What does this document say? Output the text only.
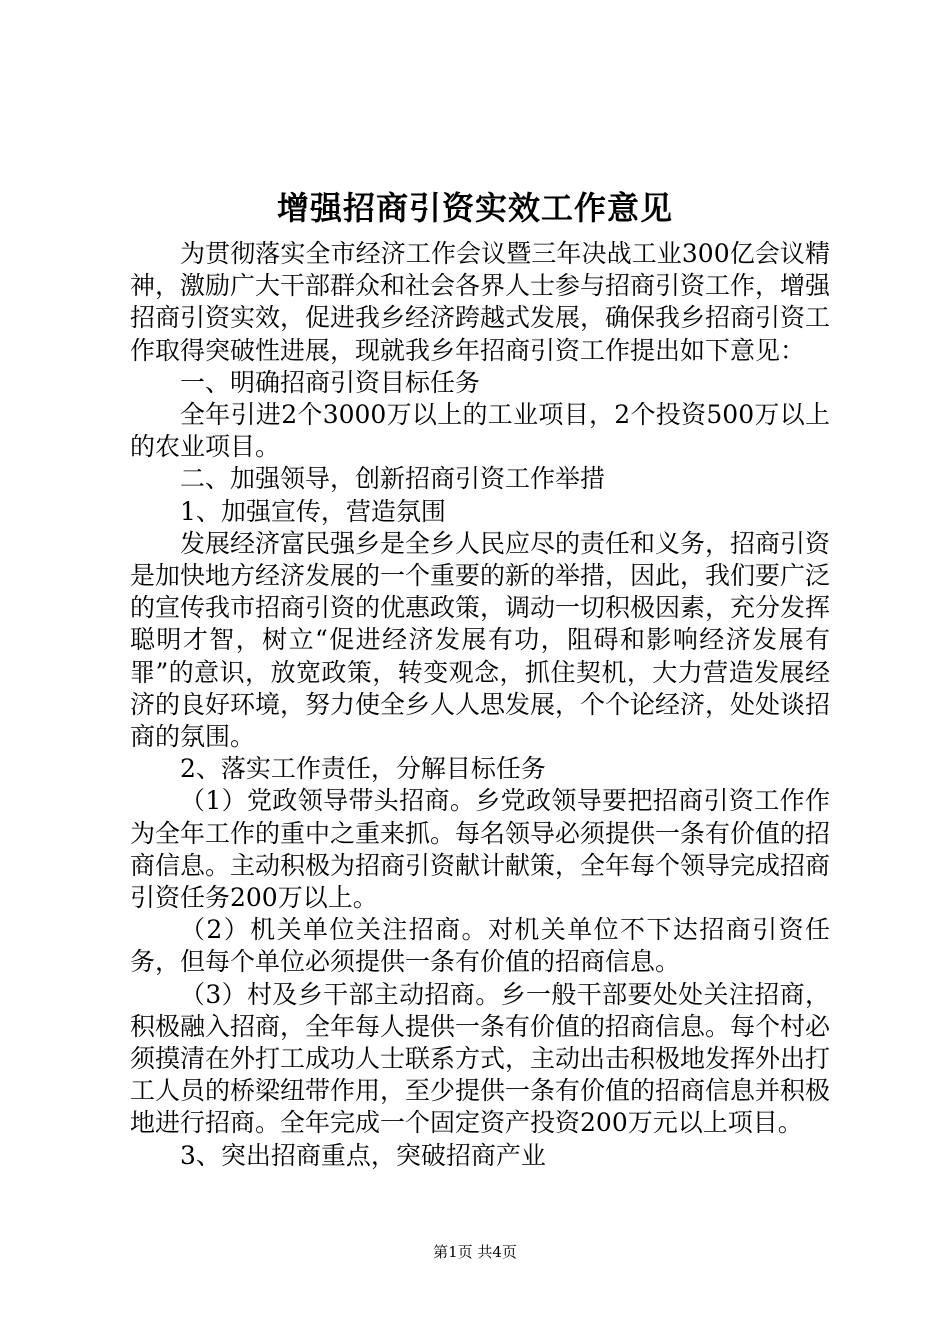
增强招商引资实效工作意见

为贯彻落实全市经济工作会议暨三年决战工业300亿会议精神，激励广大干部群众和社会各界人士参与招商引资工作，增强招商引资实效，促进我乡经济跨越式发展，确保我乡招商引资工作取得突破性进展，现就我乡年招商引资工作提出如下意见：

一、明确招商引资目标任务

全年引进2个3000万以上的工业项目，2个投资500万以上的农业项目。

二、加强领导，创新招商引资工作举措

1、加强宣传，营造氛围

发展经济富民强乡是全乡人民应尽的责任和义务，招商引资是加快地方经济发展的一个重要的新的举措，因此，我们要广泛的宣传我市招商引资的优惠政策，调动一切积极因素，充分发挥聪明才智，树立“促进经济发展有功，阻碍和影响经济发展有罪”的意识，放宽政策，转变观念，抓住契机，大力营造发展经济的良好环境，努力使全乡人人思发展，个个论经济，处处谈招商的氛围。

2、落实工作责任，分解目标任务

（1）党政领导带头招商。乡党政领导要把招商引资工作作为全年工作的重中之重来抓。每名领导必须提供一条有价值的招商信息。主动积极为招商引资献计献策，全年每个领导完成招商引资任务200万以上。

（2）机关单位关注招商。对机关单位不下达招商引资任务，但每个单位必须提供一条有价值的招商信息。

（3）村及乡干部主动招商。乡一般干部要处处关注招商，积极融入招商，全年每人提供一条有价值的招商信息。每个村必须摸清在外打工成功人士联系方式，主动出击积极地发挥外出打工人员的桥梁纽带作用，至少提供一条有价值的招商信息并积极地进行招商。全年完成一个固定资产投资200万元以上项目。

3、突出招商重点，突破招商产业

第1页 共4页
